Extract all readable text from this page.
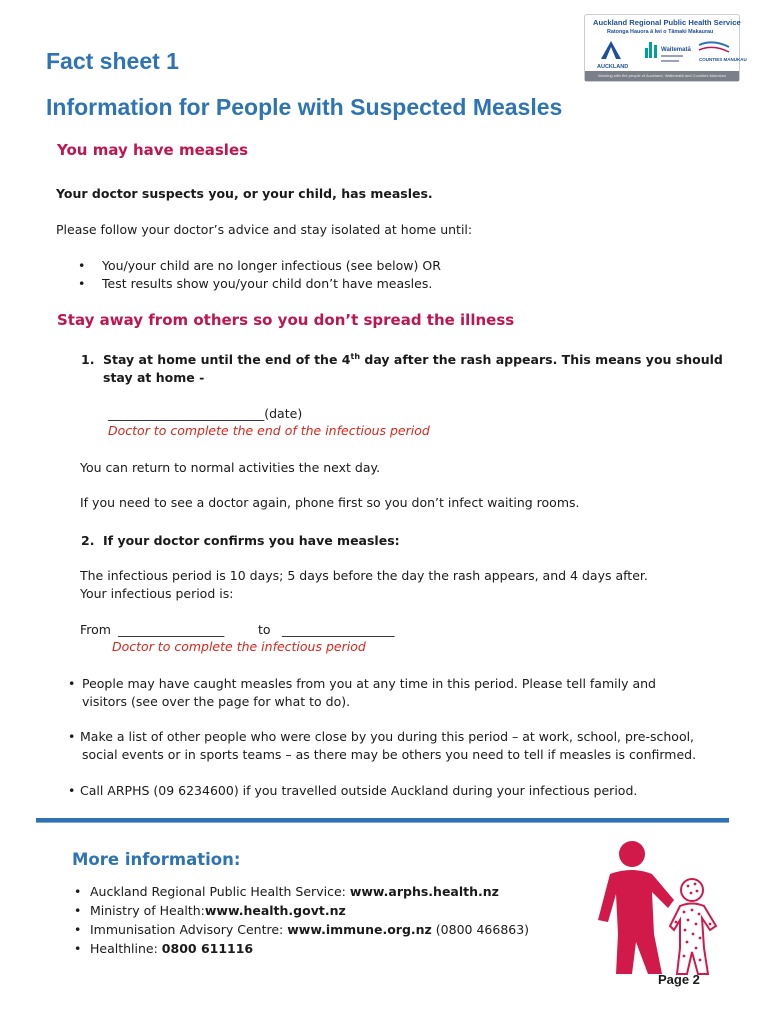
Auckland Regional Public Health Service
Ratonga Hauora ā Iwi o Tāmaki Makaurau
AUCKLAND
Waitematā
COUNTIES MANUKAU
Working with the people of Auckland, Waitematā and Counties Manukau
Fact sheet 1
Information for People with Suspected Measles
You may have measles
Your doctor suspects you, or your child, has measles.
Please follow your doctor’s advice and stay isolated at home until:
• You/your child are no longer infectious (see below) OR
• Test results show you/your child don’t have measles.
Stay away from others so you don’t spread the illness
1. Stay at home until the end of the 4th day after the rash appears. This means you should
stay at home -
_________________________(date)
Doctor to complete the end of the infectious period
You can return to normal activities the next day.
If you need to see a doctor again, phone first so you don’t infect waiting rooms.
2. If your doctor confirms you have measles:
The infectious period is 10 days; 5 days before the day the rash appears, and 4 days after.
Your infectious period is:
From _________________	to __________________
Doctor to complete the infectious period
• People may have caught measles from you at any time in this period. Please tell family and
visitors (see over the page for what to do).
• Make a list of other people who were close by you during this period – at work, school, pre-school,
social events or in sports teams – as there may be others you need to tell if measles is confirmed.
• Call ARPHS (09 6234600) if you travelled outside Auckland during your infectious period.
More information:
• Auckland Regional Public Health Service: www.arphs.health.nz
• Ministry of Health:www.health.govt.nz
• Immunisation Advisory Centre: www.immune.org.nz (0800 466863)
• Healthline: 0800 611116
Page 2
